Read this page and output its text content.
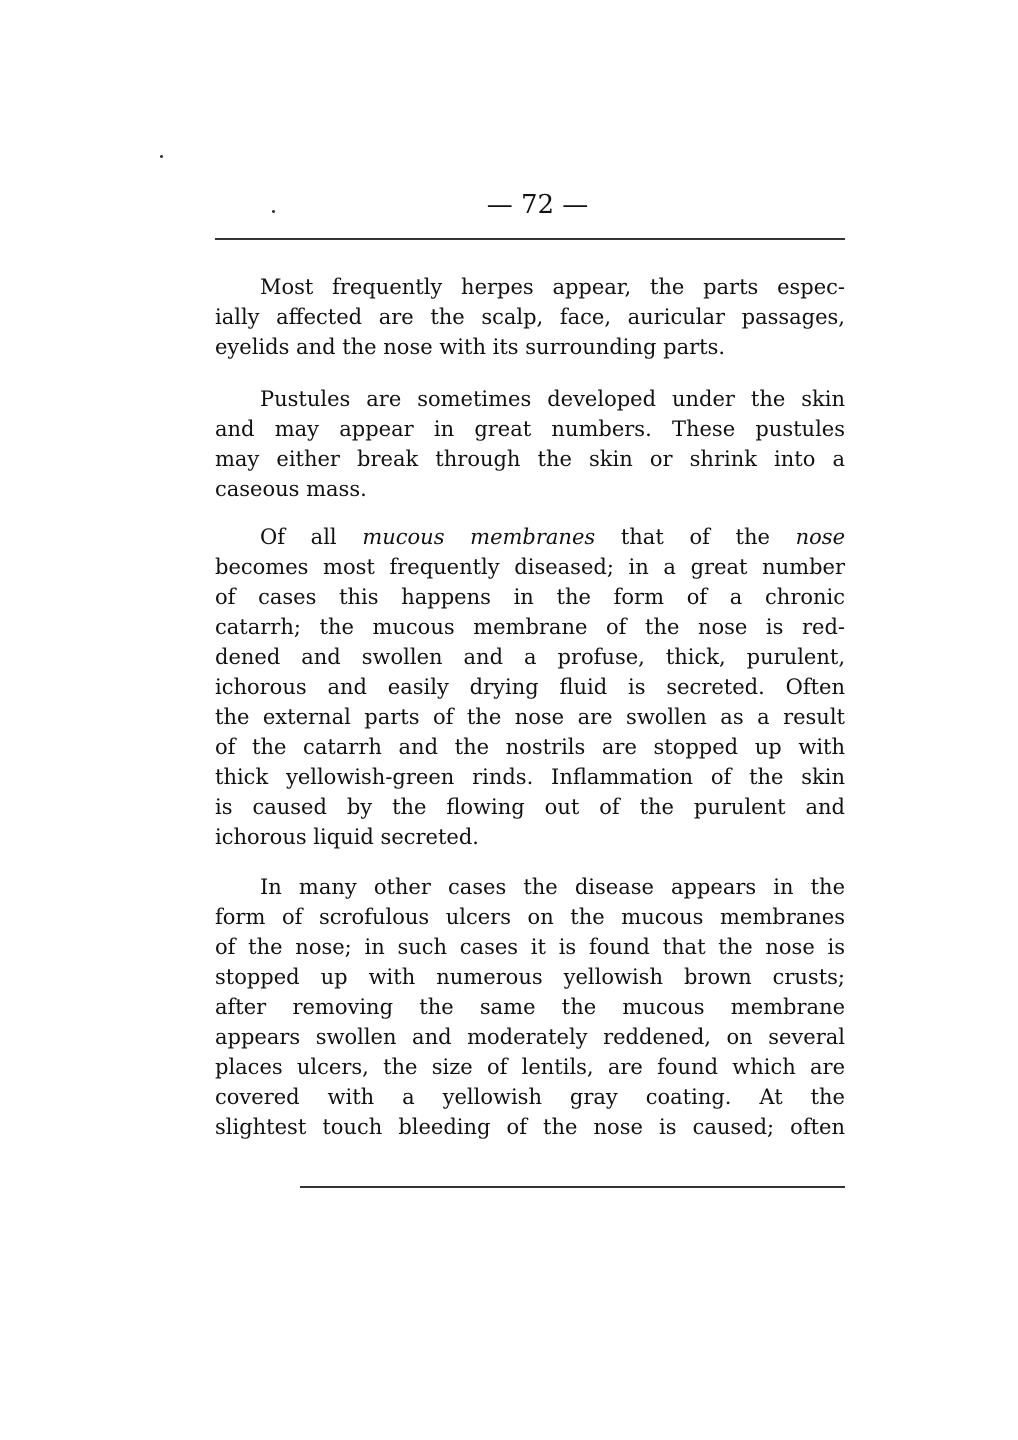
— 72 —
Most frequently herpes appear, the parts espec-
ially affected are the scalp, face, auricular passages,
eyelids and the nose with its surrounding parts.
Pustules are sometimes developed under the skin
and may appear in great numbers. These pustules
may either break through the skin or shrink into a
caseous mass.
Of all mucous membranes that of the nose
becomes most frequently diseased; in a great number
of cases this happens in the form of a chronic
catarrh; the mucous membrane of the nose is red-
dened and swollen and a profuse, thick, purulent,
ichorous and easily drying fluid is secreted. Often
the external parts of the nose are swollen as a result
of the catarrh and the nostrils are stopped up with
thick yellowish-green rinds. Inflammation of the skin
is caused by the flowing out of the purulent and
ichorous liquid secreted.
In many other cases the disease appears in the
form of scrofulous ulcers on the mucous membranes
of the nose; in such cases it is found that the nose is
stopped up with numerous yellowish brown crusts;
after removing the same the mucous membrane
appears swollen and moderately reddened, on several
places ulcers, the size of lentils, are found which are
covered with a yellowish gray coating. At the
slightest touch bleeding of the nose is caused; often
